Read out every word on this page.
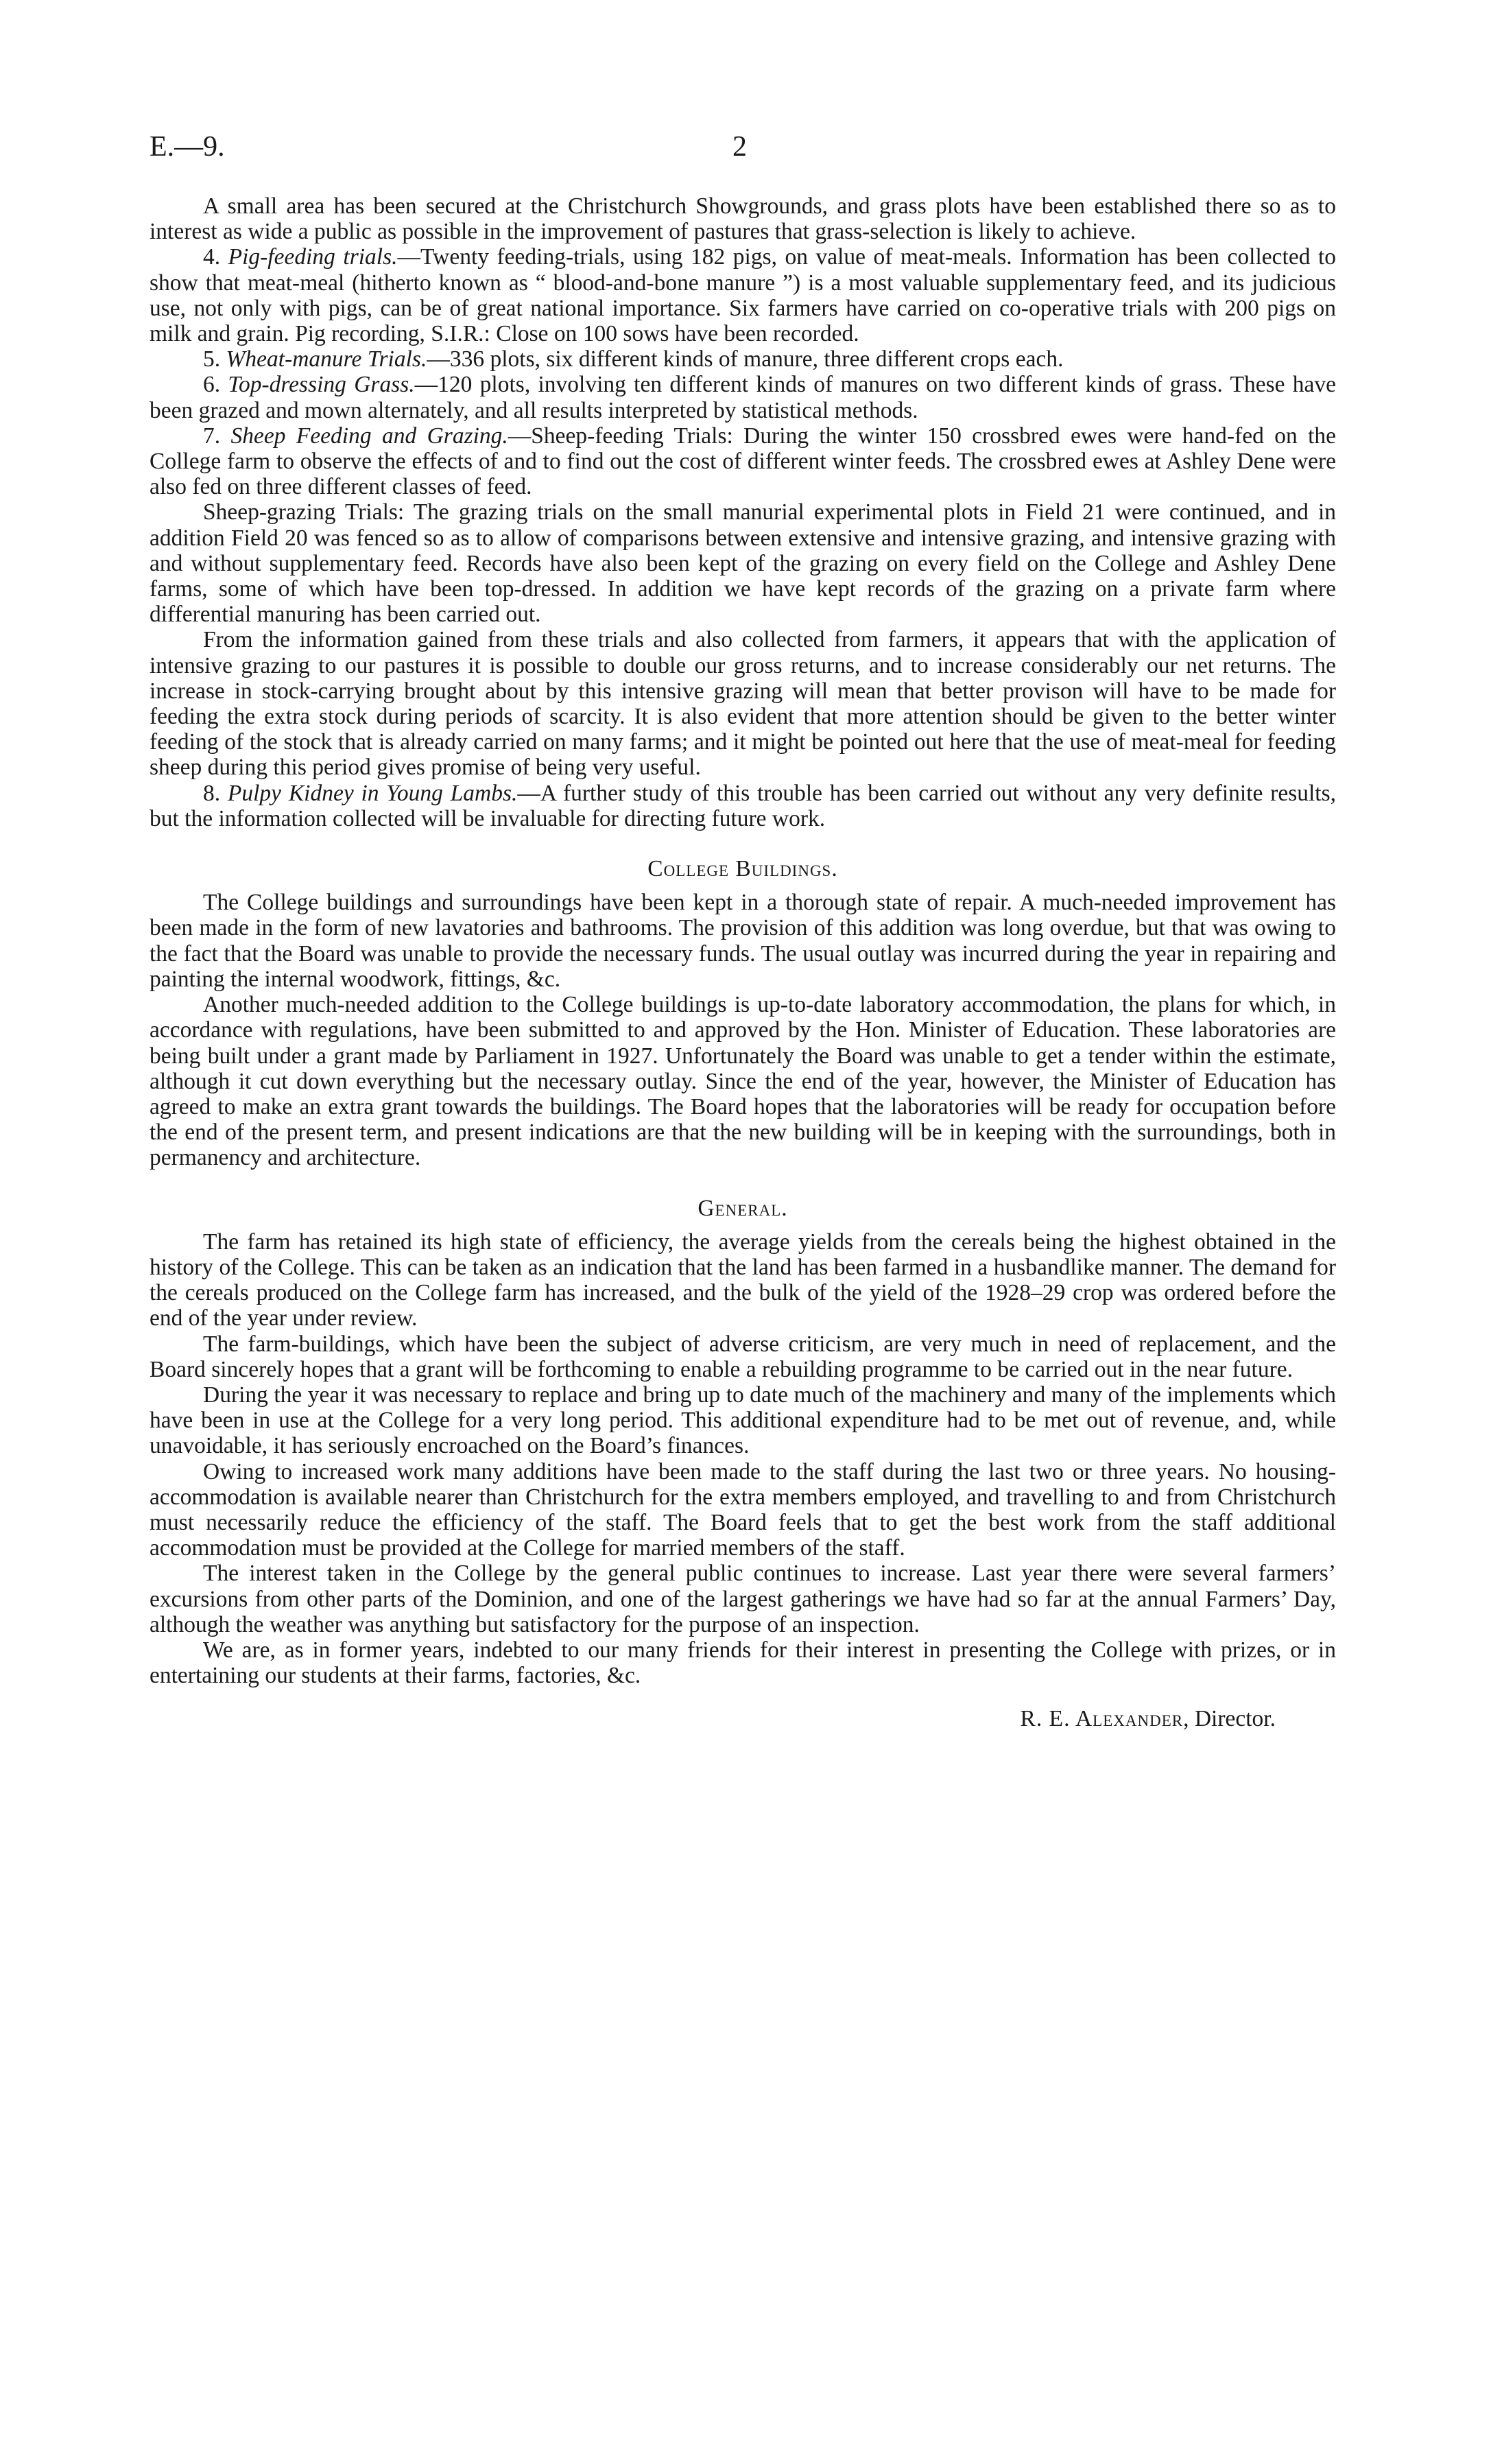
E.—9.	2

A small area has been secured at the Christchurch Showgrounds, and grass plots have been established there so as to interest as wide a public as possible in the improvement of pastures that grass-selection is likely to achieve.

4. Pig-feeding trials.—Twenty feeding-trials, using 182 pigs, on value of meat-meals. Information has been collected to show that meat-meal (hitherto known as “ blood-and-bone manure ”) is a most valuable supplementary feed, and its judicious use, not only with pigs, can be of great national importance. Six farmers have carried on co-operative trials with 200 pigs on milk and grain. Pig recording, S.I.R.: Close on 100 sows have been recorded.

5. Wheat-manure Trials.—336 plots, six different kinds of manure, three different crops each.

6. Top-dressing Grass.—120 plots, involving ten different kinds of manures on two different kinds of grass. These have been grazed and mown alternately, and all results interpreted by statistical methods.

7. Sheep Feeding and Grazing.—Sheep-feeding Trials: During the winter 150 crossbred ewes were hand-fed on the College farm to observe the effects of and to find out the cost of different winter feeds. The crossbred ewes at Ashley Dene were also fed on three different classes of feed.

Sheep-grazing Trials: The grazing trials on the small manurial experimental plots in Field 21 were continued, and in addition Field 20 was fenced so as to allow of comparisons between extensive and intensive grazing, and intensive grazing with and without supplementary feed. Records have also been kept of the grazing on every field on the College and Ashley Dene farms, some of which have been top-dressed. In addition we have kept records of the grazing on a private farm where differential manuring has been carried out.

From the information gained from these trials and also collected from farmers, it appears that with the application of intensive grazing to our pastures it is possible to double our gross returns, and to increase considerably our net returns. The increase in stock-carrying brought about by this intensive grazing will mean that better provison will have to be made for feeding the extra stock during periods of scarcity. It is also evident that more attention should be given to the better winter feeding of the stock that is already carried on many farms; and it might be pointed out here that the use of meat-meal for feeding sheep during this period gives promise of being very useful.

8. Pulpy Kidney in Young Lambs.—A further study of this trouble has been carried out without any very definite results, but the information collected will be invaluable for directing future work.

College Buildings.

The College buildings and surroundings have been kept in a thorough state of repair. A much-needed improvement has been made in the form of new lavatories and bathrooms. The provision of this addition was long overdue, but that was owing to the fact that the Board was unable to provide the necessary funds. The usual outlay was incurred during the year in repairing and painting the internal woodwork, fittings, &c.

Another much-needed addition to the College buildings is up-to-date laboratory accommodation, the plans for which, in accordance with regulations, have been submitted to and approved by the Hon. Minister of Education. These laboratories are being built under a grant made by Parliament in 1927. Unfortunately the Board was unable to get a tender within the estimate, although it cut down everything but the necessary outlay. Since the end of the year, however, the Minister of Education has agreed to make an extra grant towards the buildings. The Board hopes that the laboratories will be ready for occupation before the end of the present term, and present indications are that the new building will be in keeping with the surroundings, both in permanency and architecture.

General.

The farm has retained its high state of efficiency, the average yields from the cereals being the highest obtained in the history of the College. This can be taken as an indication that the land has been farmed in a husbandlike manner. The demand for the cereals produced on the College farm has increased, and the bulk of the yield of the 1928–29 crop was ordered before the end of the year under review.

The farm-buildings, which have been the subject of adverse criticism, are very much in need of replacement, and the Board sincerely hopes that a grant will be forthcoming to enable a rebuilding programme to be carried out in the near future.

During the year it was necessary to replace and bring up to date much of the machinery and many of the implements which have been in use at the College for a very long period. This additional expenditure had to be met out of revenue, and, while unavoidable, it has seriously encroached on the Board’s finances.

Owing to increased work many additions have been made to the staff during the last two or three years. No housing-accommodation is available nearer than Christchurch for the extra members employed, and travelling to and from Christchurch must necessarily reduce the efficiency of the staff. The Board feels that to get the best work from the staff additional accommodation must be provided at the College for married members of the staff.

The interest taken in the College by the general public continues to increase. Last year there were several farmers’ excursions from other parts of the Dominion, and one of the largest gatherings we have had so far at the annual Farmers’ Day, although the weather was anything but satisfactory for the purpose of an inspection.

We are, as in former years, indebted to our many friends for their interest in presenting the College with prizes, or in entertaining our students at their farms, factories, &c.

R. E. Alexander, Director.
